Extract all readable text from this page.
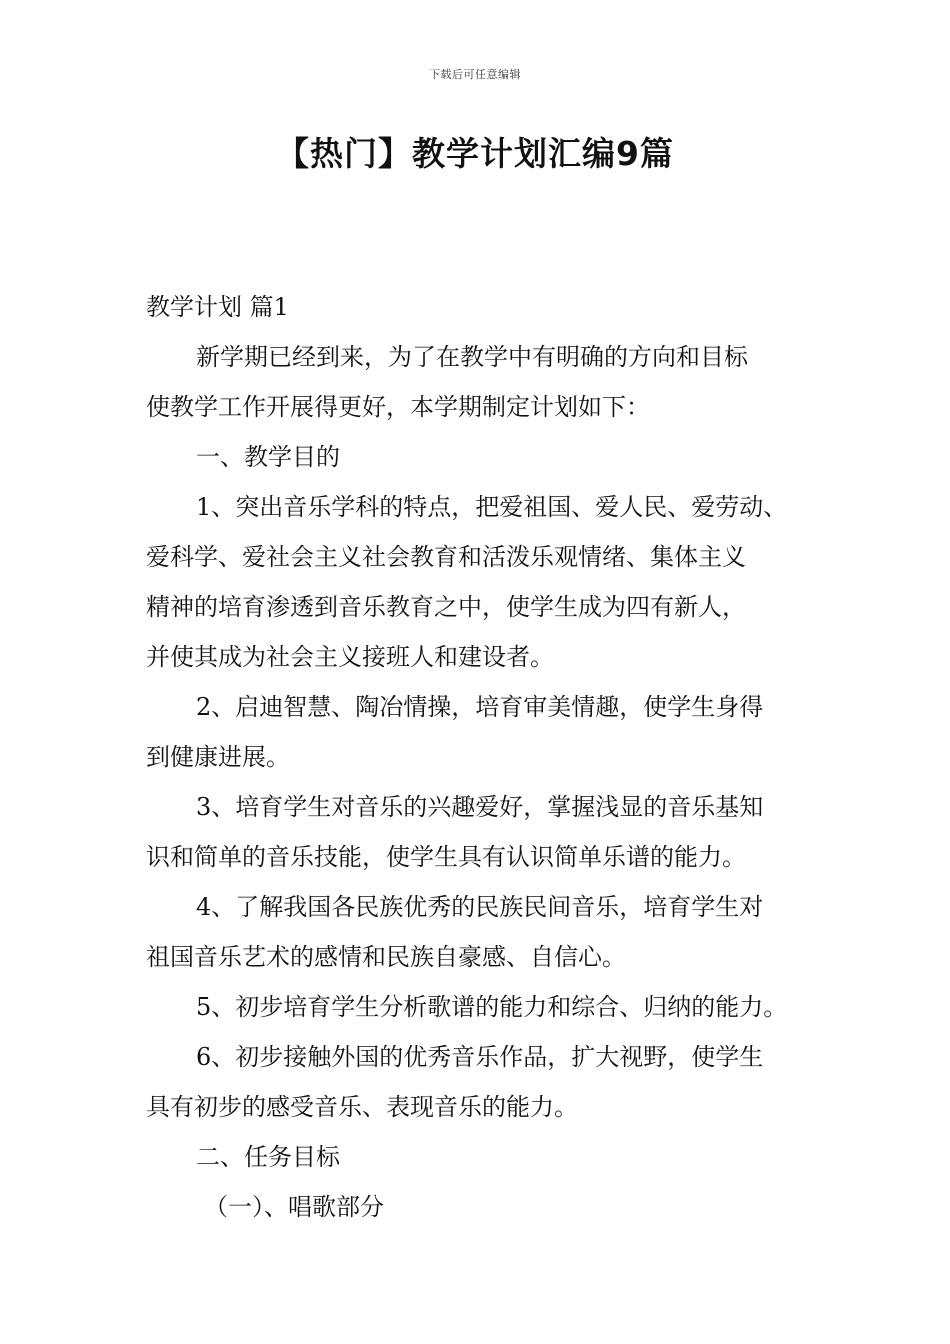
下载后可任意编辑
【热门】教学计划汇编9篇
教学计划 篇1
新学期已经到来，为了在教学中有明确的方向和目标
使教学工作开展得更好，本学期制定计划如下：
一、教学目的
1、突出音乐学科的特点，把爱祖国、爱人民、爱劳动、
爱科学、爱社会主义社会教育和活泼乐观情绪、集体主义
精神的培育渗透到音乐教育之中，使学生成为四有新人，
并使其成为社会主义接班人和建设者。
2、启迪智慧、陶冶情操，培育审美情趣，使学生身得
到健康进展。
3、培育学生对音乐的兴趣爱好，掌握浅显的音乐基知
识和简单的音乐技能，使学生具有认识简单乐谱的能力。
4、了解我国各民族优秀的民族民间音乐，培育学生对
祖国音乐艺术的感情和民族自豪感、自信心。
5、初步培育学生分析歌谱的能力和综合、归纳的能力。
6、初步接触外国的优秀音乐作品，扩大视野，使学生
具有初步的感受音乐、表现音乐的能力。
二、任务目标
（一）、唱歌部分
